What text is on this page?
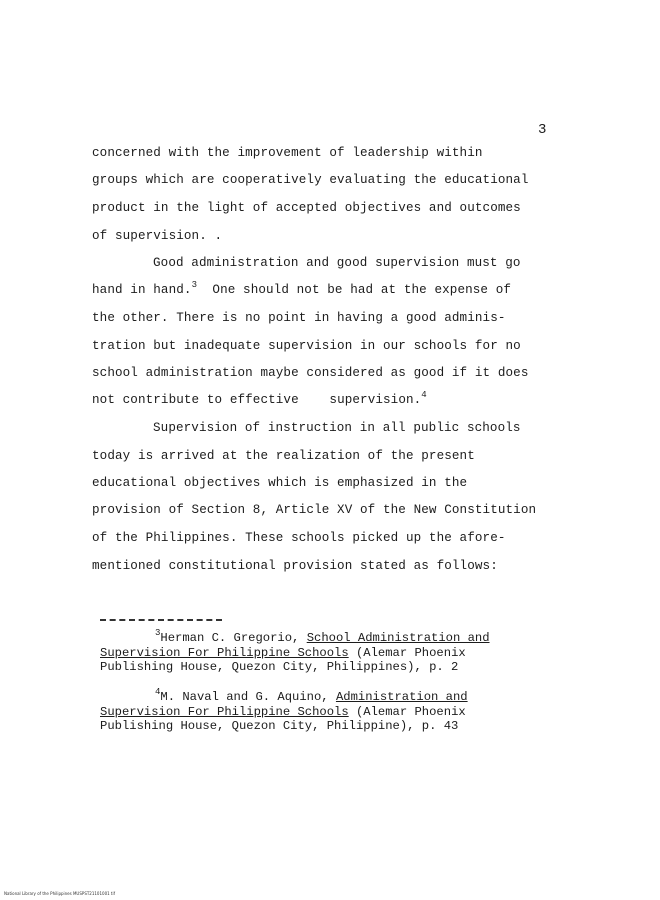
3
concerned with the improvement of leadership within
groups which are cooperatively evaluating the educational
product in the light of accepted objectives and outcomes
of supervision. .
Good administration and good supervision must go
hand in hand.$^3$ One should not be had at the expense of
the other. There is no point in having a good adminis-
tration but inadequate supervision in our schools for no
school administration maybe considered as good if it does
not contribute to effective supervision.$^4$
Supervision of instruction in all public schools
today is arrived at the realization of the present
educational objectives which is emphasized in the
provision of Section 8, Article XV of the New Constitution
of the Philippines. These schools picked up the afore-
mentioned constitutional provision stated as follows:
$^3$Herman C. Gregorio, School Administration and
Supervision For Philippine Schools (Alemar Phoenix
Publishing House, Quezon City, Philippines), p. 2
$^4$M. Naval and G. Aquino, Administration and
Supervision For Philippine Schools (Alemar Phoenix
Publishing House, Quezon City, Philippine), p. 43
National Library of the Philippines MUSPST21101001 tif
